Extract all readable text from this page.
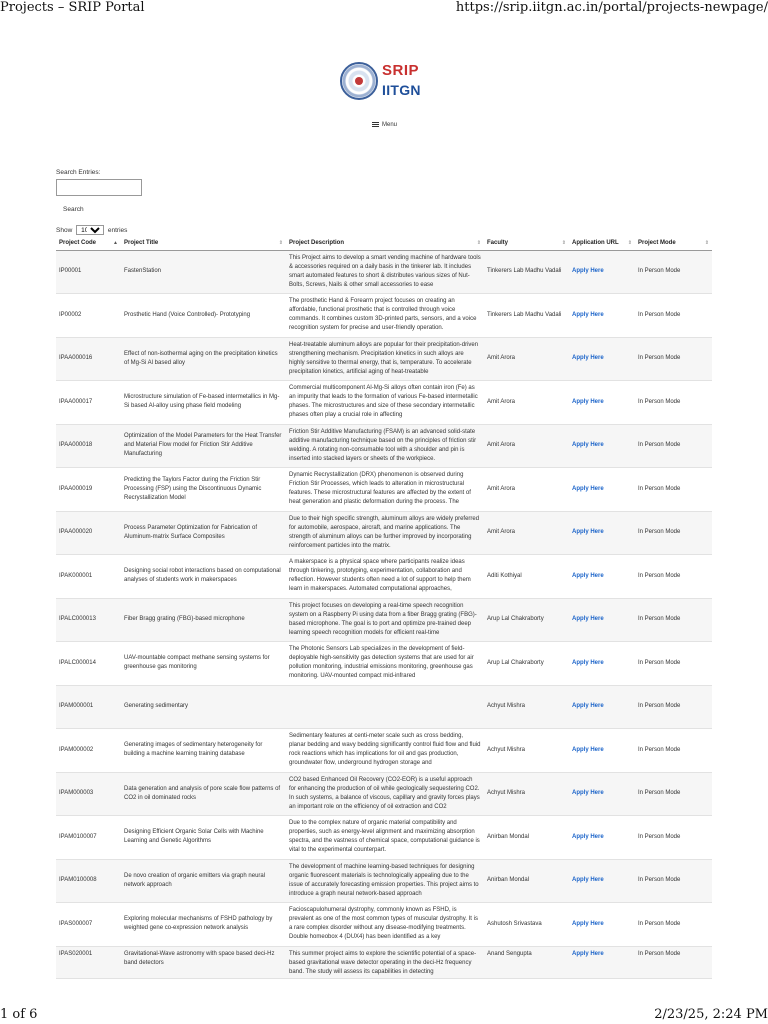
Projects – SRIP Portal	https://srip.iitgn.ac.in/portal/projects-newpage/
SRIP
IITGN
Menu
Search Entries:
Search
Show
100	entries
Project Code ▲	Project Title ⇕	Project Description ⇕	Faculty ⇕	Application URL ⇕	Project Mode ⇕

IP00001	FastenStation	This Project aims to develop a smart vending machine of hardware tools & accessories required on a daily basis in the tinkerer lab. It includes smart automated features to short & distributes various sizes of Nut-Bolts, Screws, Nails & other small accessories to ease	Tinkerers Lab Madhu Vadali	Apply Here	In Person Mode
IP00002	Prosthetic Hand (Voice Controlled)- Prototyping	The prosthetic Hand & Forearm project focuses on creating an affordable, functional prosthetic that is controlled through voice commands. It combines custom 3D-printed parts, sensors, and a voice recognition system for precise and user-friendly operation.	Tinkerers Lab Madhu Vadali	Apply Here	In Person Mode
IPAA000016	Effect of non-isothermal aging on the precipitation kinetics of Mg-Si Al based alloy	Heat-treatable aluminum alloys are popular for their precipitation-driven strengthening mechanism. Precipitation kinetics in such alloys are highly sensitive to thermal energy, that is, temperature. To accelerate precipitation kinetics, artificial aging of heat-treatable	Amit Arora	Apply Here	In Person Mode
IPAA000017	Microstructure simulation of Fe-based intermetallics in Mg-Si based Al-alloy using phase field modeling	Commercial multicomponent Al-Mg-Si alloys often contain iron (Fe) as an impurity that leads to the formation of various Fe-based intermetallic phases. The microstructures and size of these secondary intermetallic phases often play a crucial role in affecting	Amit Arora	Apply Here	In Person Mode
IPAA000018	Optimization of the Model Parameters for the Heat Transfer and Material Flow model for Friction Stir Additive Manufacturing	Friction Stir Additive Manufacturing (FSAM) is an advanced solid-state additive manufacturing technique based on the principles of friction stir welding. A rotating non-consumable tool with a shoulder and pin is inserted into stacked layers or sheets of the workpiece.	Amit Arora	Apply Here	In Person Mode
IPAA000019	Predicting the Taylors Factor during the Friction Stir Processing (FSP) using the Discontinuous Dynamic Recrystallization Model	Dynamic Recrystallization (DRX) phenomenon is observed during Friction Stir Processes, which leads to alteration in microstructural features. These microstructural features are affected by the extent of heat generation and plastic deformation during the process. The	Amit Arora	Apply Here	In Person Mode
IPAA000020	Process Parameter Optimization for Fabrication of Aluminum-matrix Surface Composites	Due to their high specific strength, aluminum alloys are widely preferred for automobile, aerospace, aircraft, and marine applications. The strength of aluminum alloys can be further improved by incorporating reinforcement particles into the matrix.	Amit Arora	Apply Here	In Person Mode
IPAK000001	Designing social robot interactions based on computational analyses of students work in makerspaces	A makerspace is a physical space where participants realize ideas through tinkering, prototyping, experimentation, collaboration and reflection. However students often need a lot of support to help them learn in makerspaces. Automated computational approaches,	Aditi Kothiyal	Apply Here	In Person Mode
IPALC000013	Fiber Bragg grating (FBG)-based microphone	This project focuses on developing a real-time speech recognition system on a Raspberry Pi using data from a fiber Bragg grating (FBG)-based microphone. The goal is to port and optimize pre-trained deep learning speech recognition models for efficient real-time	Arup Lal Chakraborty	Apply Here	In Person Mode
IPALC000014	UAV-mountable compact methane sensing systems for greenhouse gas monitoring	The Photonic Sensors Lab specializes in the development of field-deployable high-sensitivity gas detection systems that are used for air pollution monitoring, industrial emissions monitoring, greenhouse gas monitoring. UAV-mounted compact mid-infrared	Arup Lal Chakraborty	Apply Here	In Person Mode
IPAM000001	Generating sedimentary		Achyut Mishra	Apply Here	In Person Mode
IPAM000002	Generating images of sedimentary heterogeneity for building a machine learning training database	Sedimentary features at centi-meter scale such as cross bedding, planar bedding and wavy bedding significantly control fluid flow and fluid rock reactions which has implications for oil and gas production, groundwater flow, underground hydrogen storage and	Achyut Mishra	Apply Here	In Person Mode
IPAM000003	Data generation and analysis of pore scale flow patterns of CO2 in oil dominated rocks	CO2 based Enhanced Oil Recovery (CO2-EOR) is a useful approach for enhancing the production of oil while geologically sequestering CO2. In such systems, a balance of viscous, capillary and gravity forces plays an important role on the efficiency of oil extraction and CO2	Achyut Mishra	Apply Here	In Person Mode
IPAM0100007	Designing Efficient Organic Solar Cells with Machine Learning and Genetic Algorithms	Due to the complex nature of organic material compatibility and properties, such as energy-level alignment and maximizing absorption spectra, and the vastness of chemical space, computational guidance is vital to the experimental counterpart.	Anirban Mondal	Apply Here	In Person Mode
IPAM0100008	De novo creation of organic emitters via graph neural network approach	The development of machine learning-based techniques for designing organic fluorescent materials is technologically appealing due to the issue of accurately forecasting emission properties. This project aims to introduce a graph neural network-based approach	Anirban Mondal	Apply Here	In Person Mode
IPAS000007	Exploring molecular mechanisms of FSHD pathology by weighted gene co-expression network analysis	Facioscapulohumeral dystrophy, commonly known as FSHD, is prevalent as one of the most common types of muscular dystrophy. It is a rare complex disorder without any disease-modifying treatments. Double homeobox 4 (DUX4) has been identified as a key	Ashutosh Srivastava	Apply Here	In Person Mode
IPAS020001	Gravitational-Wave astronomy with space based deci-Hz band detectors	This summer project aims to explore the scientific potential of a space-based gravitational wave detector operating in the deci-Hz frequency band. The study will assess its capabilities in detecting	Anand Sengupta	Apply Here	In Person Mode
1 of 6	2/23/25, 2:24 PM
